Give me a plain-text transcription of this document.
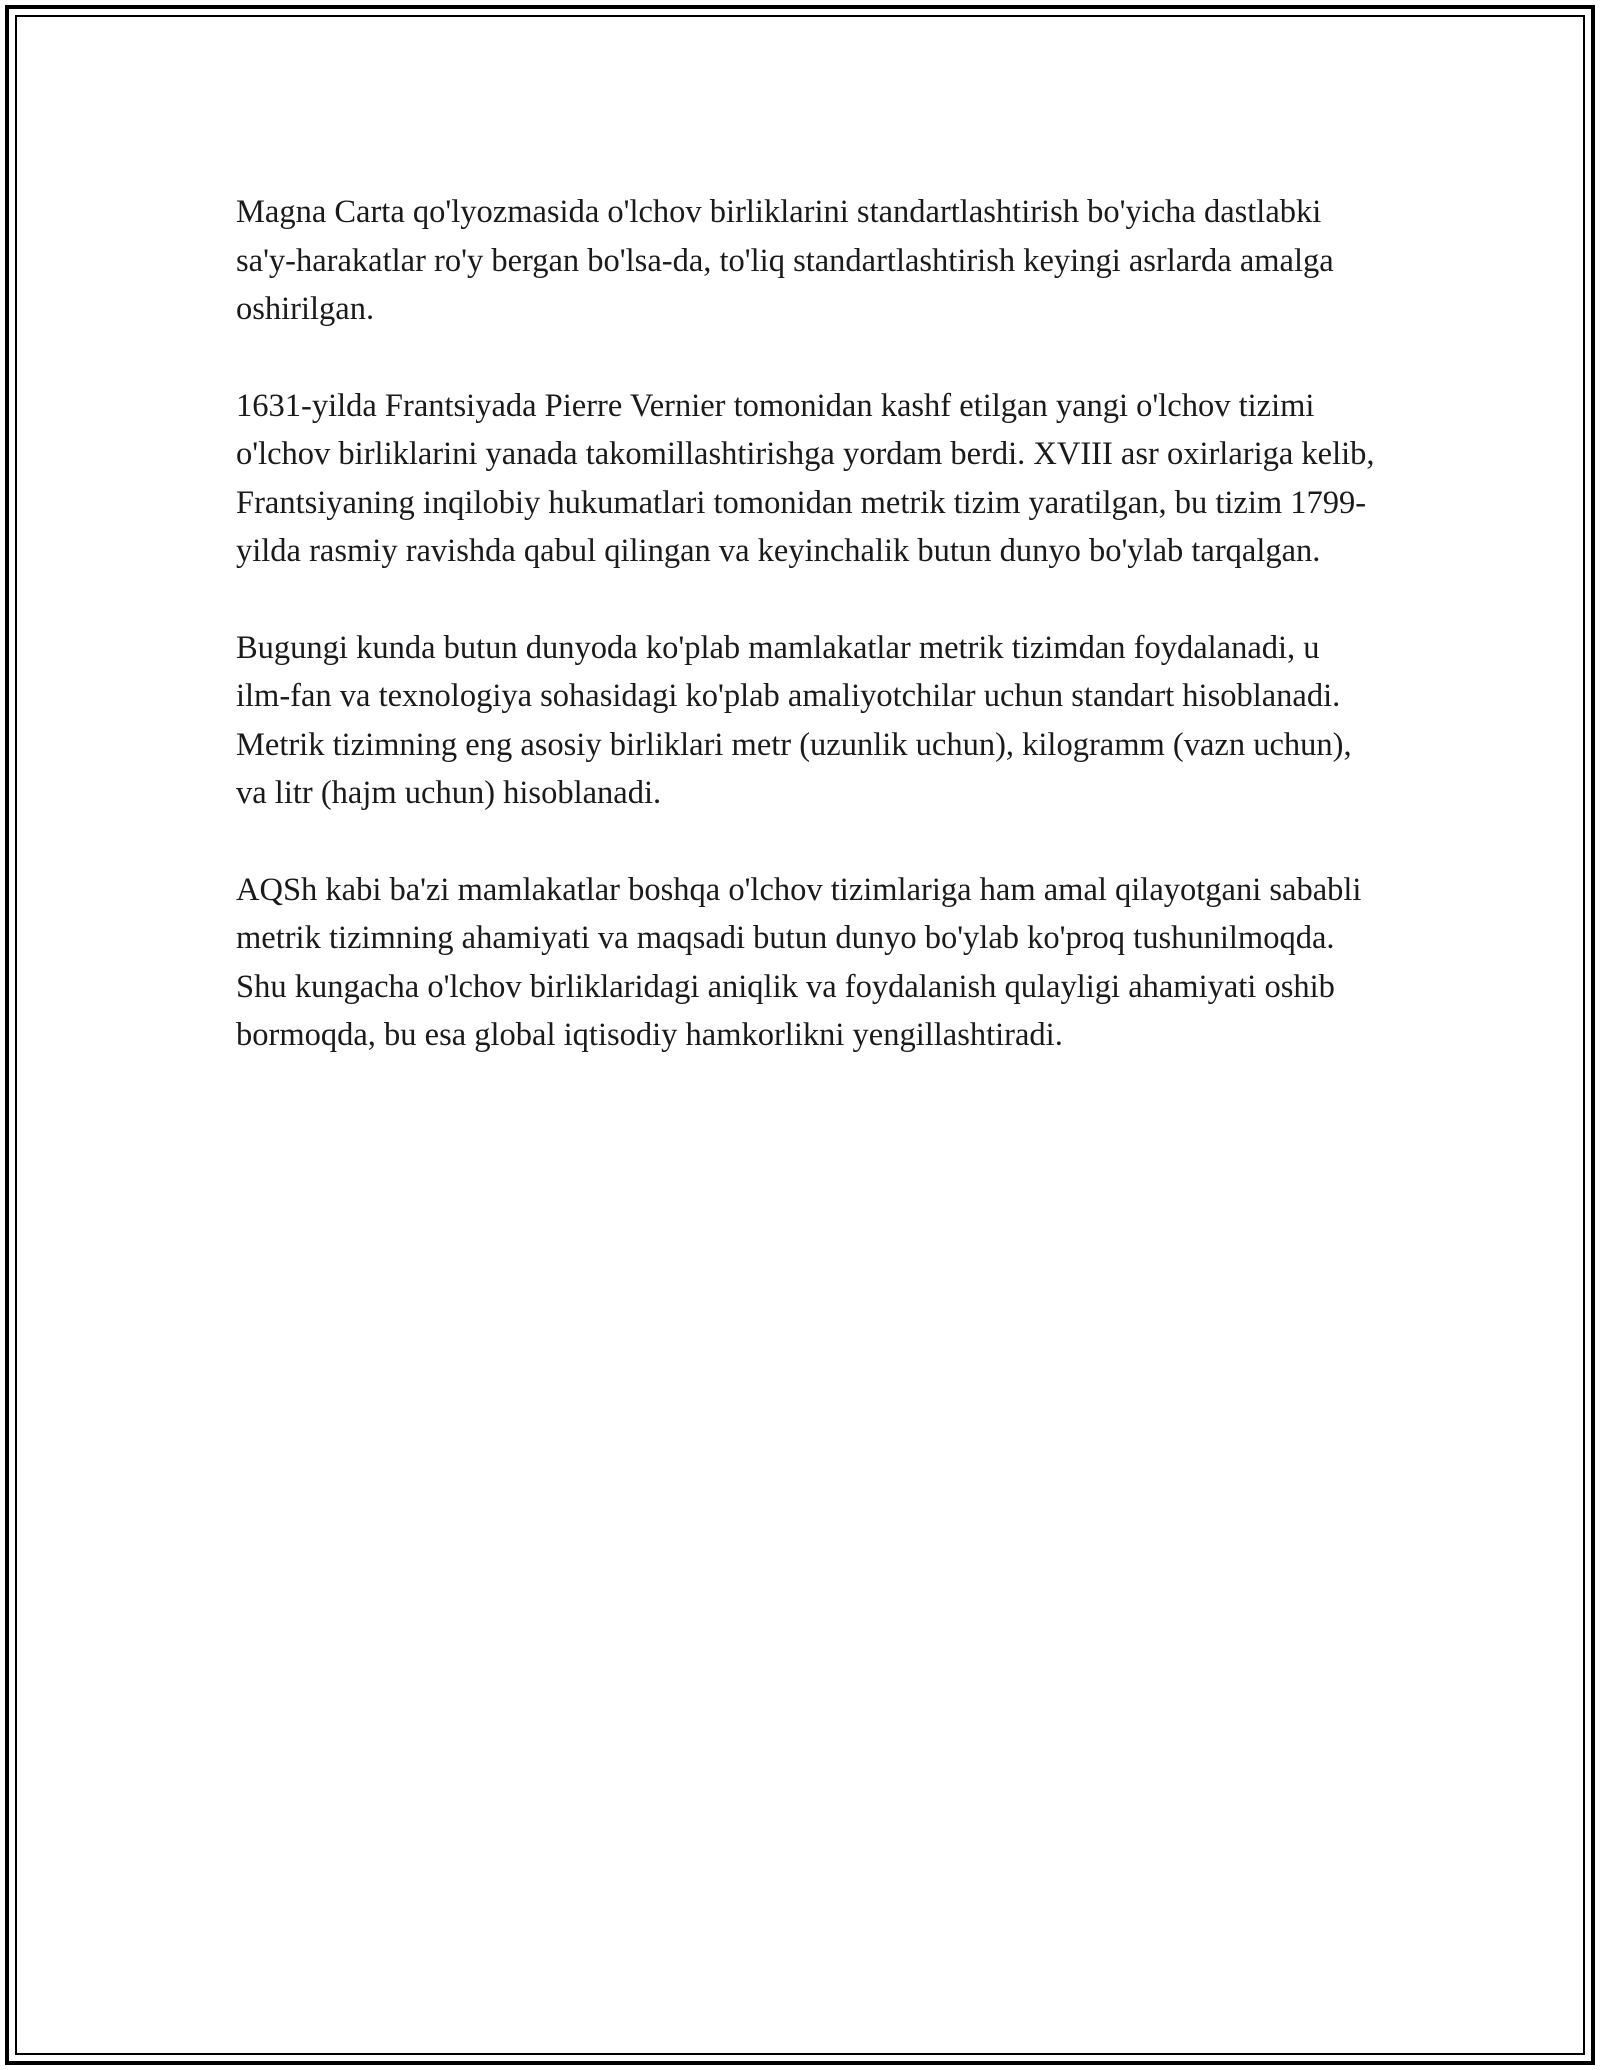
Magna Carta qo'lyozmasida o'lchov birliklarini standartlashtirish bo'yicha dastlabki sa'y-harakatlar ro'y bergan bo'lsa-da, to'liq standartlashtirish keyingi asrlarda amalga oshirilgan.

1631-yilda Frantsiyada Pierre Vernier tomonidan kashf etilgan yangi o'lchov tizimi o'lchov birliklarini yanada takomillashtirishga yordam berdi. XVIII asr oxirlariga kelib, Frantsiyaning inqilobiy hukumatlari tomonidan metrik tizim yaratilgan, bu tizim 1799-yilda rasmiy ravishda qabul qilingan va keyinchalik butun dunyo bo'ylab tarqalgan.

Bugungi kunda butun dunyoda ko'plab mamlakatlar metrik tizimdan foydalanadi, u ilm-fan va texnologiya sohasidagi ko'plab amaliyotchilar uchun standart hisoblanadi. Metrik tizimning eng asosiy birliklari metr (uzunlik uchun), kilogramm (vazn uchun), va litr (hajm uchun) hisoblanadi.

AQSh kabi ba'zi mamlakatlar boshqa o'lchov tizimlariga ham amal qilayotgani sababli metrik tizimning ahamiyati va maqsadi butun dunyo bo'ylab ko'proq tushunilmoqda. Shu kungacha o'lchov birliklaridagi aniqlik va foydalanish qulayligi ahamiyati oshib bormoqda, bu esa global iqtisodiy hamkorlikni yengillashtiradi.
